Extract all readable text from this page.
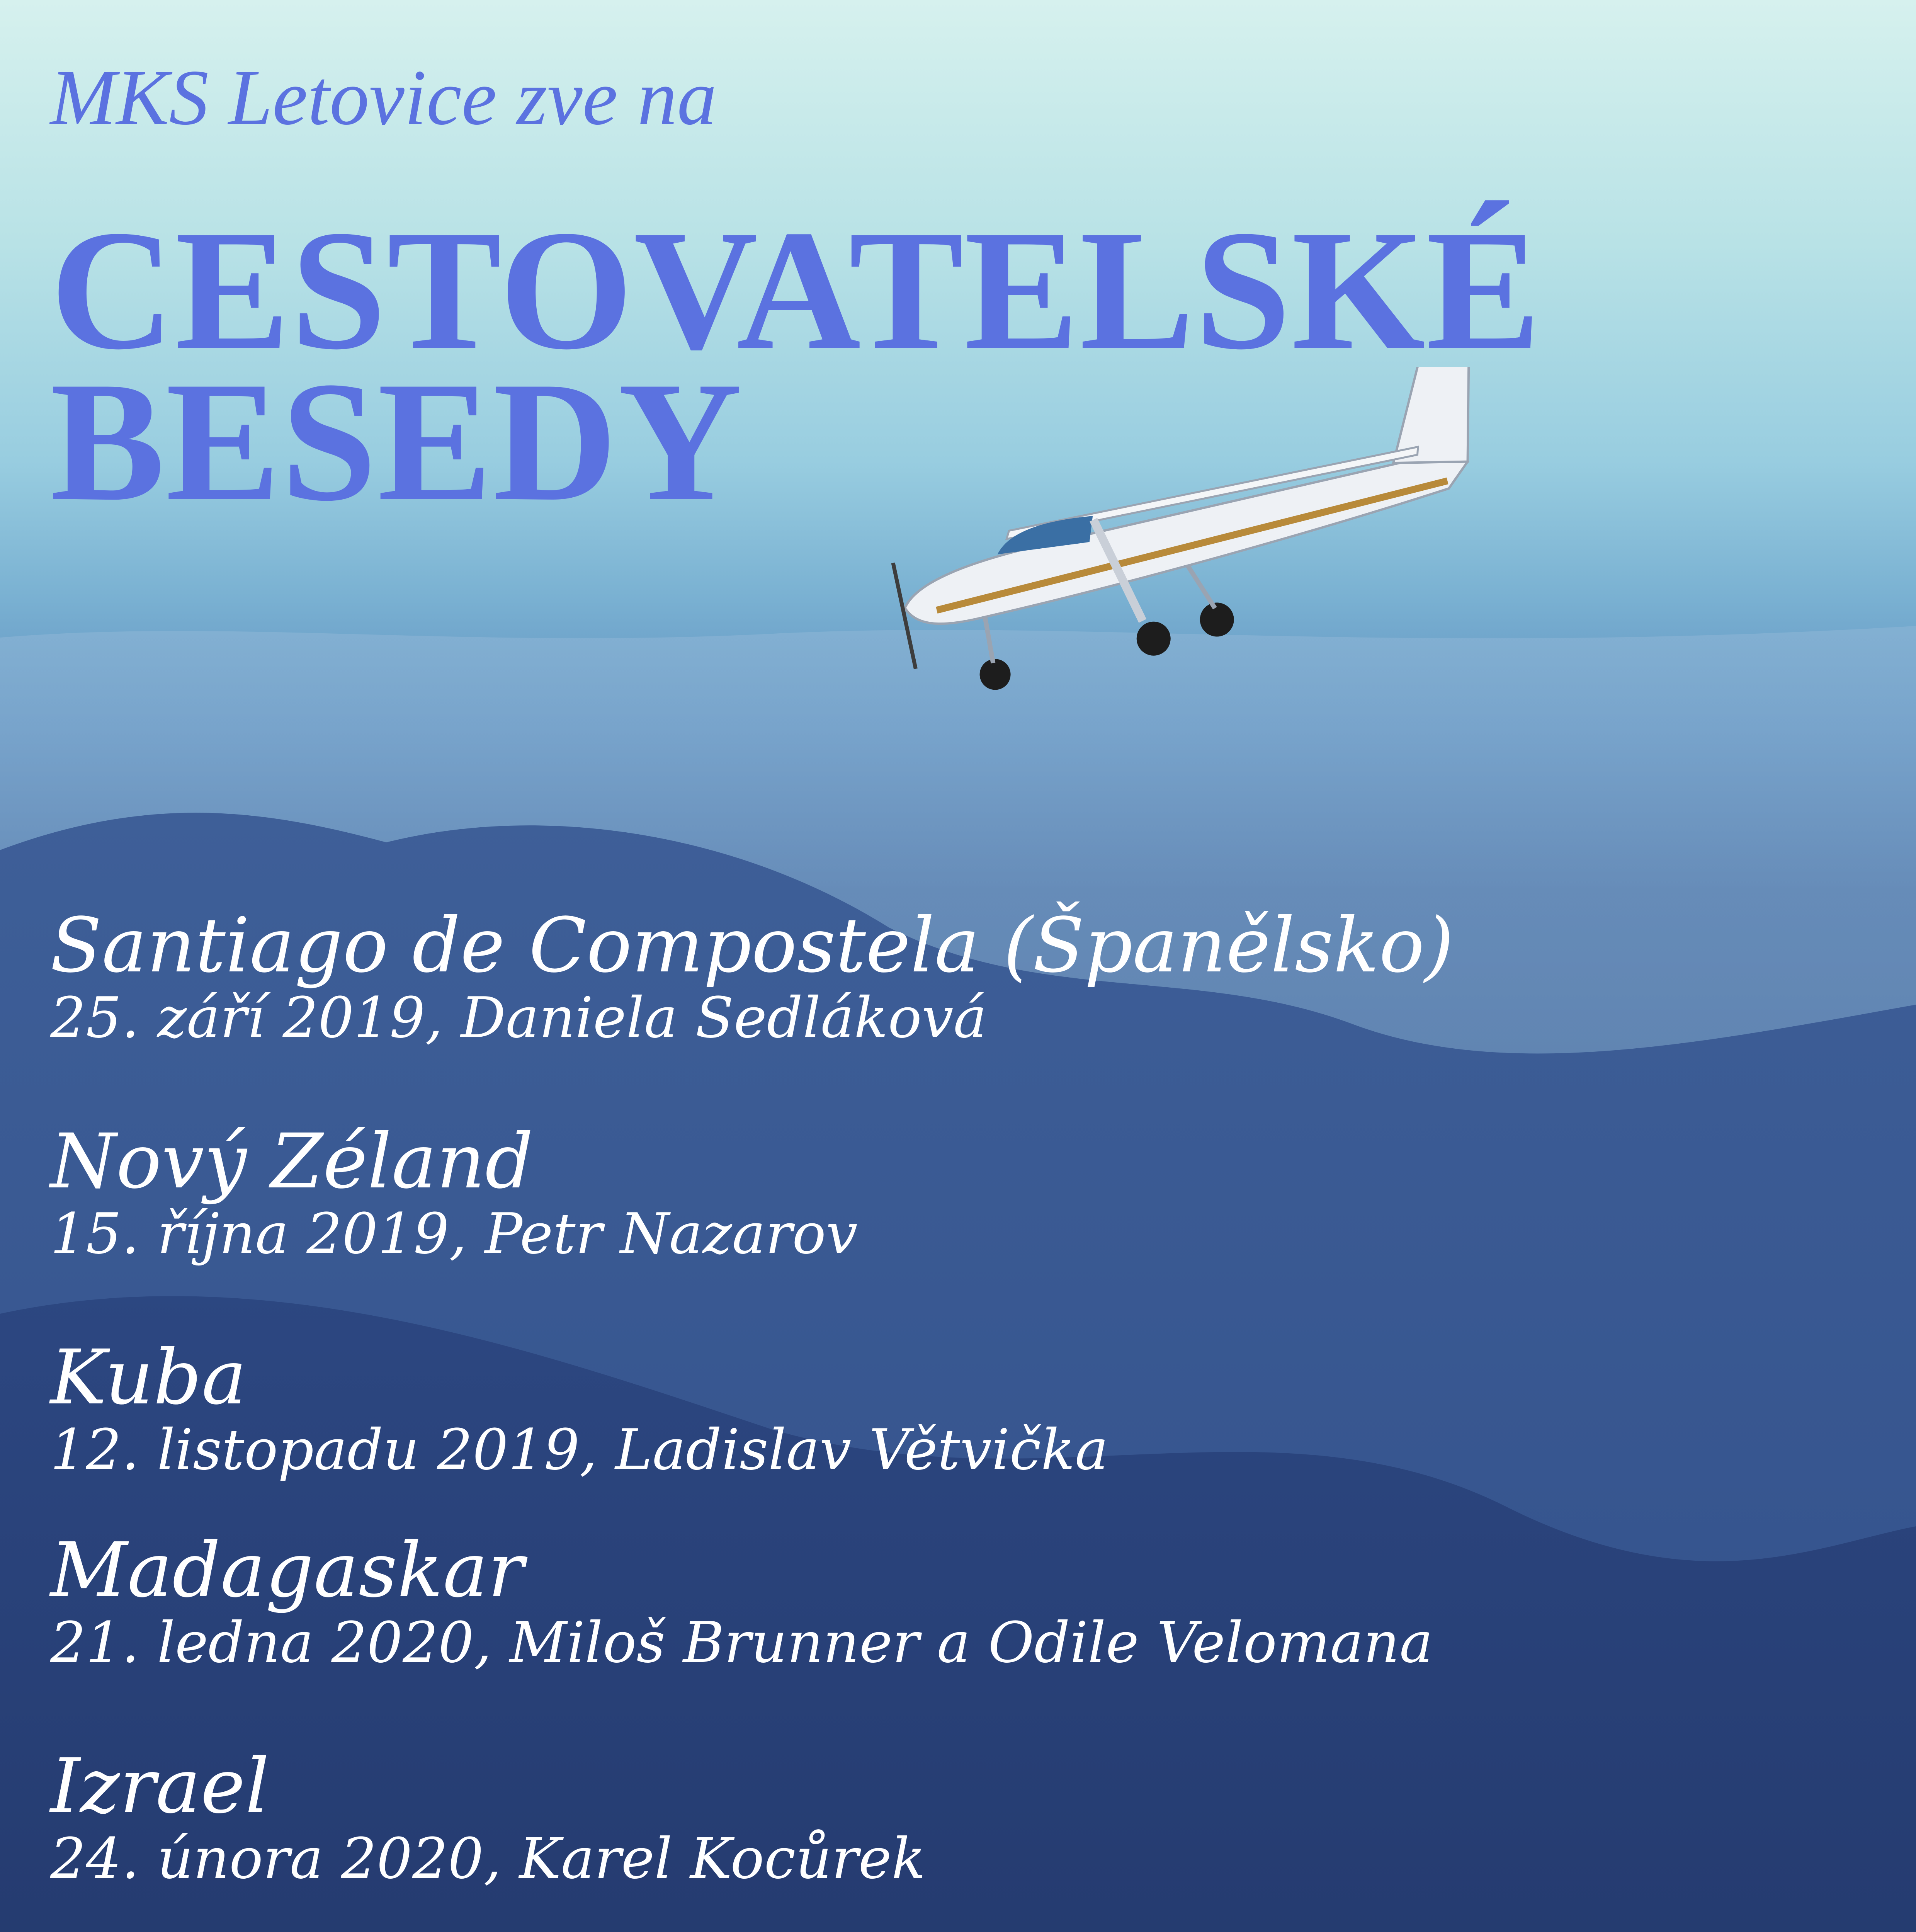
MKS Letovice zve na

CESTOVATELSKÉ
BESEDY
Santiago de Compostela (Španělsko)
25. září 2019, Daniela Sedláková
Nový Zéland
15. října 2019, Petr Nazarov
Kuba
12. listopadu 2019, Ladislav Větvička
Madagaskar
21. ledna 2020, Miloš Brunner a Odile Velomana
Izrael
24. února 2020, Karel Kocůrek
